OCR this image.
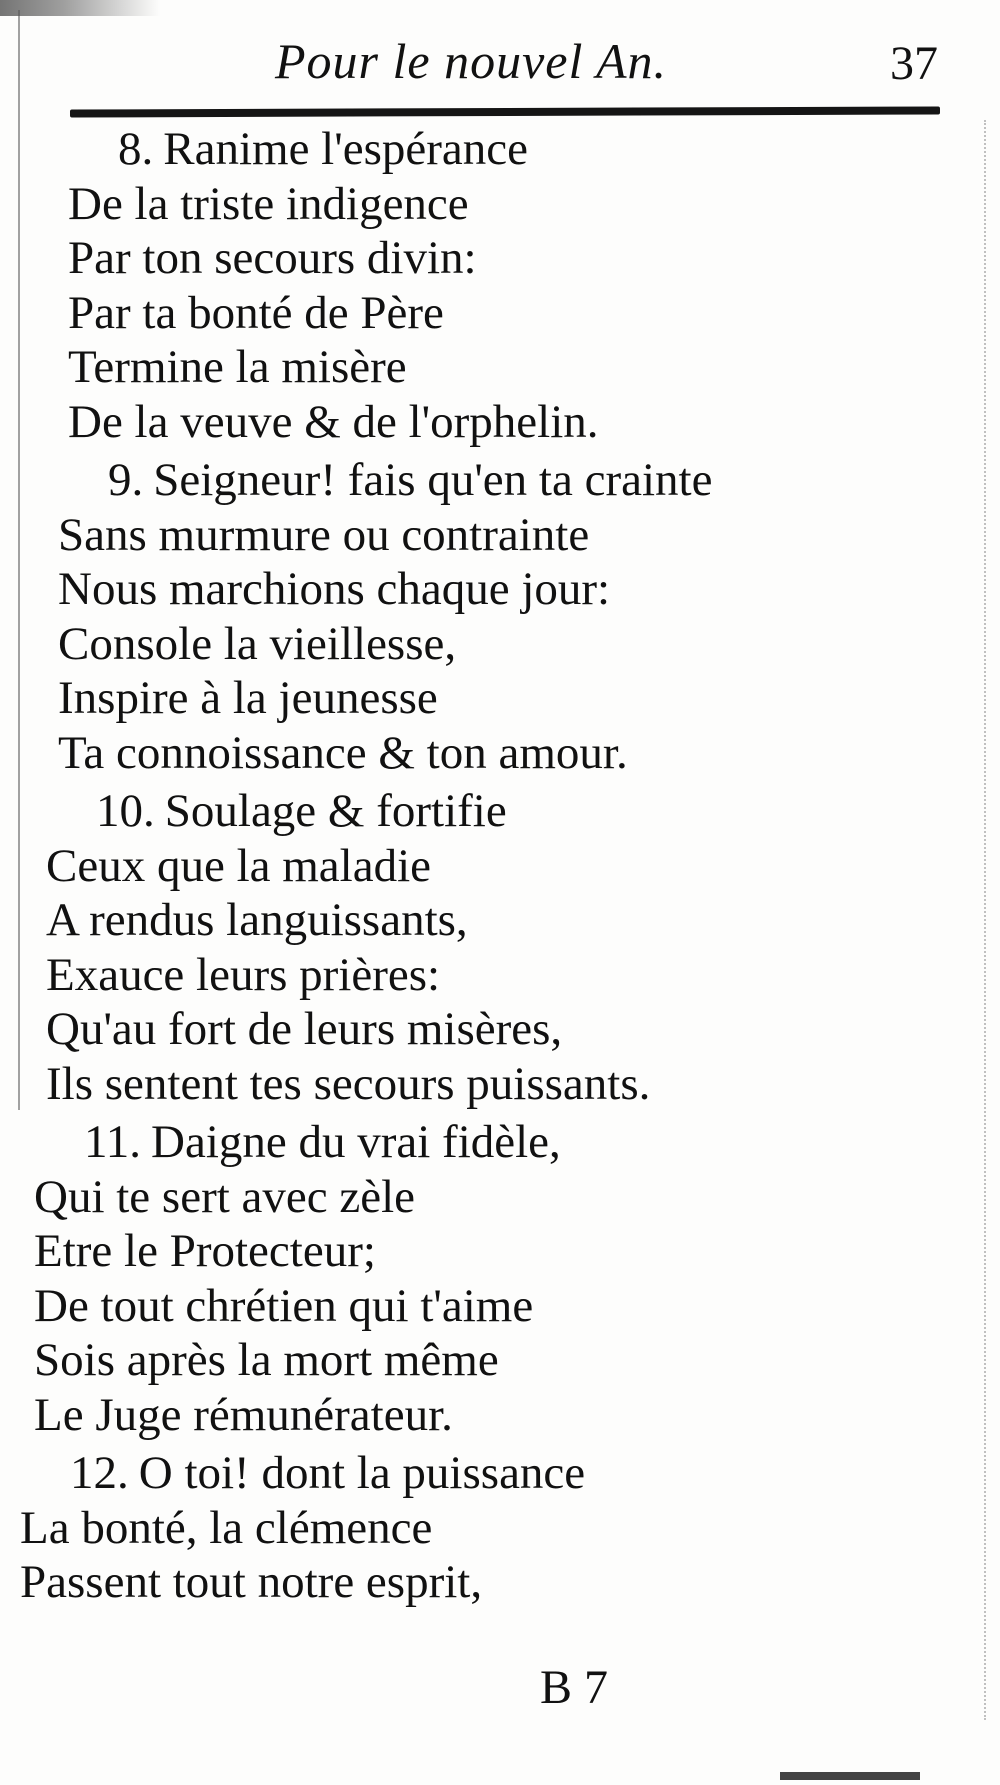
Pour le nouvel An.	37
8. Ranime l'espérance
De la triste indigence
Par ton secours divin:
Par ta bonté de Père
Termine la misère
De la veuve & de l'orphelin.
9. Seigneur! fais qu'en ta crainte
Sans murmure ou contrainte
Nous marchions chaque jour:
Console la vieillesse,
Inspire à la jeunesse
Ta connoissance & ton amour.
10. Soulage & fortifie
Ceux que la maladie
A rendus languissants,
Exauce leurs prières:
Qu'au fort de leurs misères,
Ils sentent tes secours puissants.
11. Daigne du vrai fidèle,
Qui te sert avec zèle
Etre le Protecteur;
De tout chrétien qui t'aime
Sois après la mort même
Le Juge rémunérateur.
12. O toi! dont la puissance
La bonté, la clémence
Passent tout notre esprit,
B 7
